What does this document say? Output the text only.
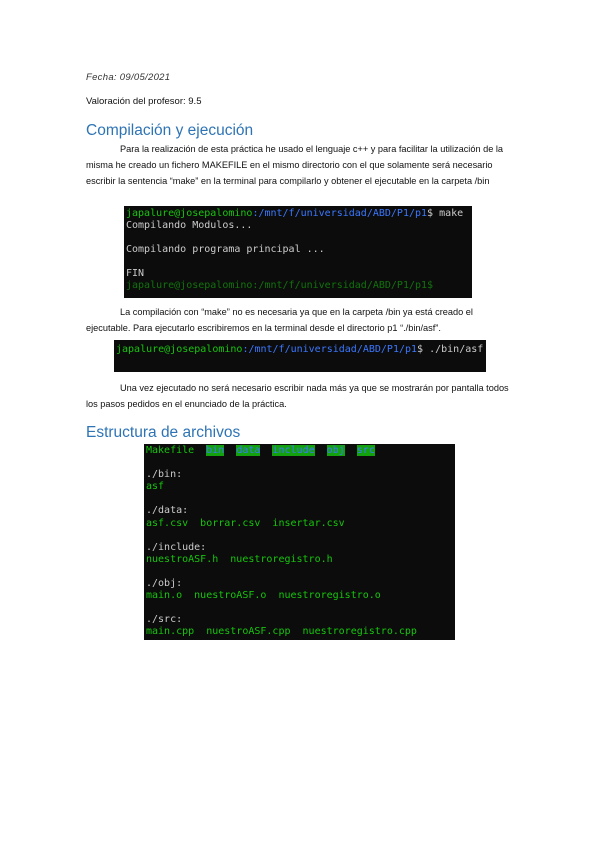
Fecha: 09/05/2021
Valoración del profesor: 9.5
Compilación y ejecución
Para la realización de esta práctica he usado el lenguaje c++ y para facilitar la utilización de la misma he creado un fichero MAKEFILE en el mismo directorio con el que solamente será necesario escribir la sentencia “make” en la terminal para compilarlo y obtener el ejecutable en la carpeta /bin
japalure@josepalomino:/mnt/f/universidad/ABD/P1/p1$ make
Compilando Modulos...

Compilando programa principal ...

FIN
japalure@josepalomino:/mnt/f/universidad/ABD/P1/p1$
La compilación con “make” no es necesaria ya que en la carpeta /bin ya está creado el ejecutable. Para ejecutarlo escribiremos en la terminal desde el directorio p1 “./bin/asf”.
japalure@josepalomino:/mnt/f/universidad/ABD/P1/p1$ ./bin/asf
Una vez ejecutado no será necesario escribir nada más ya que se mostrarán por pantalla todos los pasos pedidos en el enunciado de la práctica.
Estructura de archivos
Makefile bin data include obj src

./bin:
asf

./data:
asf.csv  borrar.csv  insertar.csv

./include:
nuestroASF.h  nuestroregistro.h

./obj:
main.o  nuestroASF.o  nuestroregistro.o

./src:
main.cpp  nuestroASF.cpp  nuestroregistro.cpp
